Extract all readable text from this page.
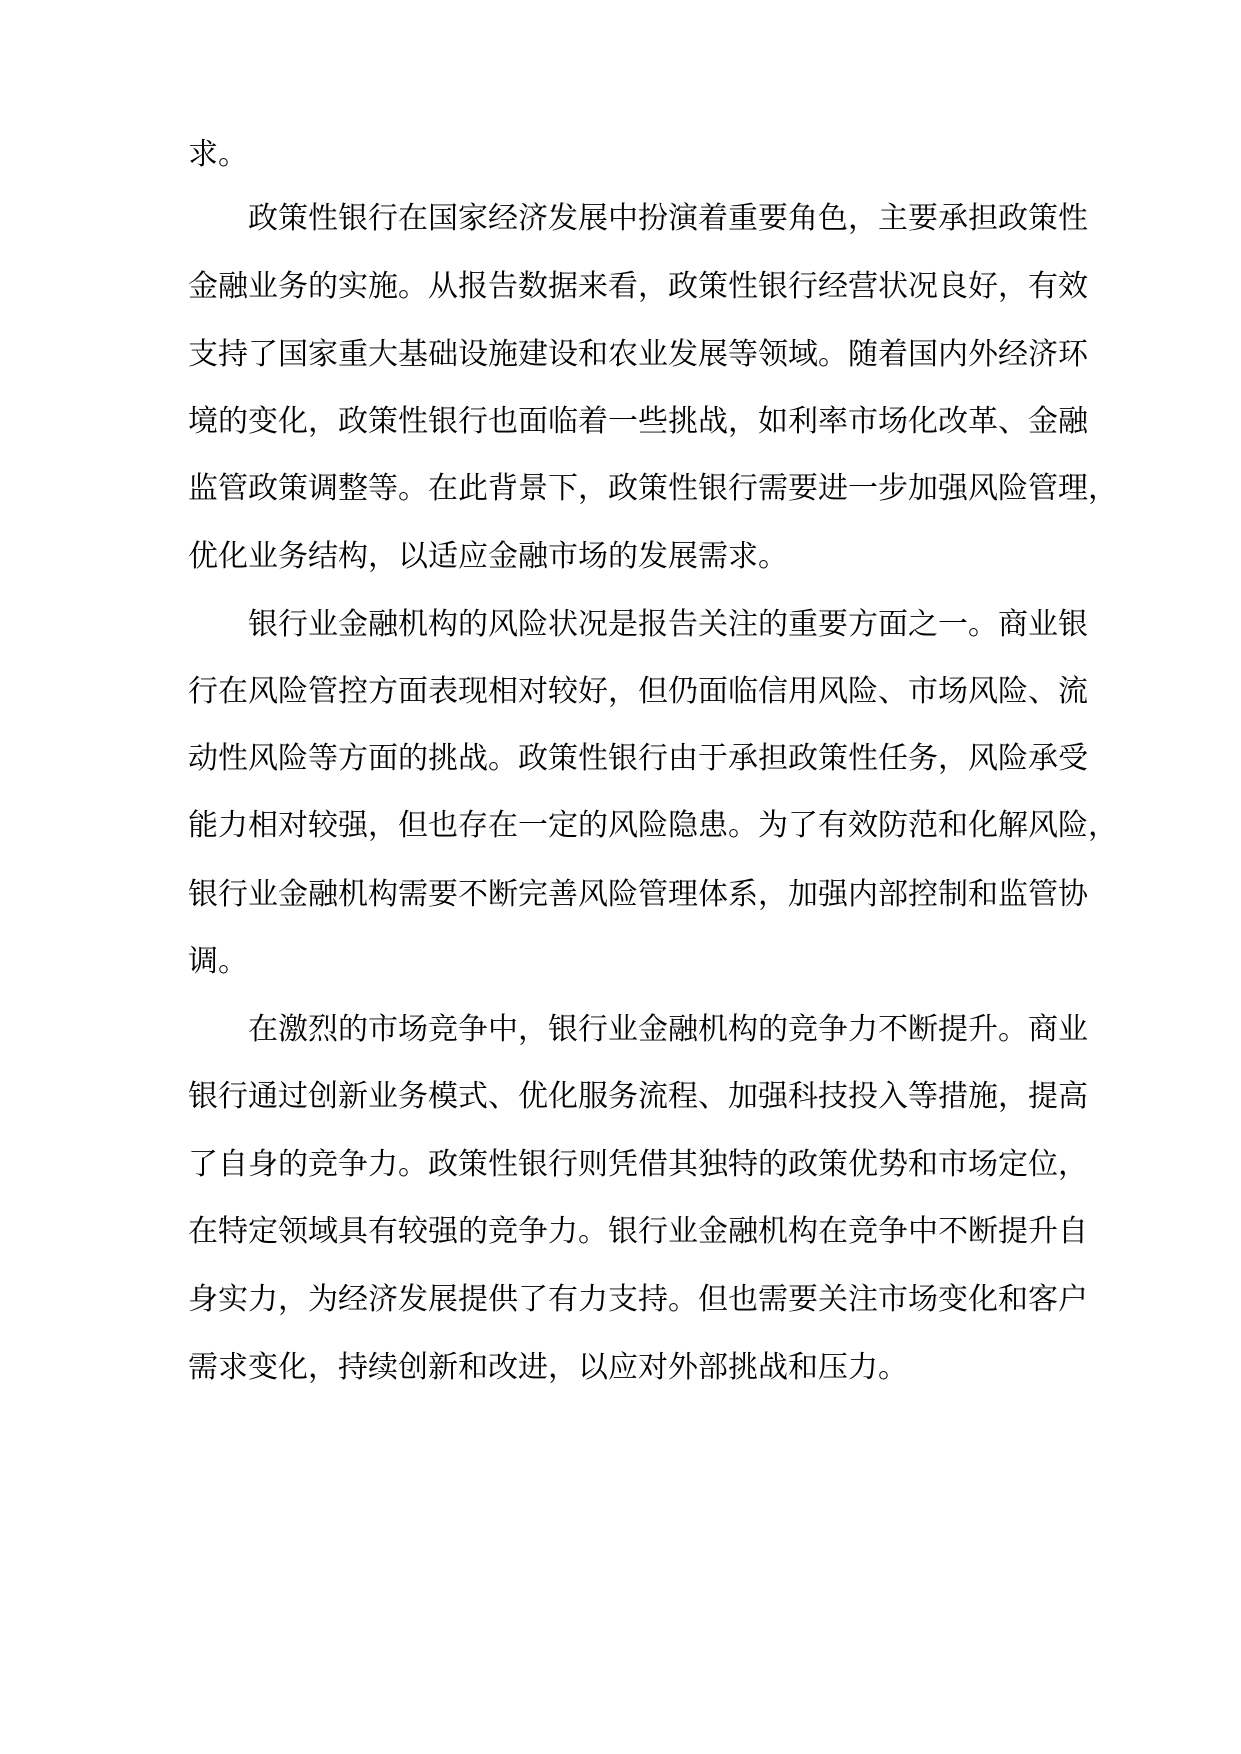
求。

政策性银行在国家经济发展中扮演着重要角色，主要承担政策性

金融业务的实施。从报告数据来看，政策性银行经营状况良好，有效

支持了国家重大基础设施建设和农业发展等领域。随着国内外经济环

境的变化，政策性银行也面临着一些挑战，如利率市场化改革、金融

监管政策调整等。在此背景下，政策性银行需要进一步加强风险管理，

优化业务结构，以适应金融市场的发展需求。

银行业金融机构的风险状况是报告关注的重要方面之一。商业银

行在风险管控方面表现相对较好，但仍面临信用风险、市场风险、流

动性风险等方面的挑战。政策性银行由于承担政策性任务，风险承受

能力相对较强，但也存在一定的风险隐患。为了有效防范和化解风险，

银行业金融机构需要不断完善风险管理体系，加强内部控制和监管协

调。

在激烈的市场竞争中，银行业金融机构的竞争力不断提升。商业

银行通过创新业务模式、优化服务流程、加强科技投入等措施，提高

了自身的竞争力。政策性银行则凭借其独特的政策优势和市场定位，

在特定领域具有较强的竞争力。银行业金融机构在竞争中不断提升自

身实力，为经济发展提供了有力支持。但也需要关注市场变化和客户

需求变化，持续创新和改进，以应对外部挑战和压力。
